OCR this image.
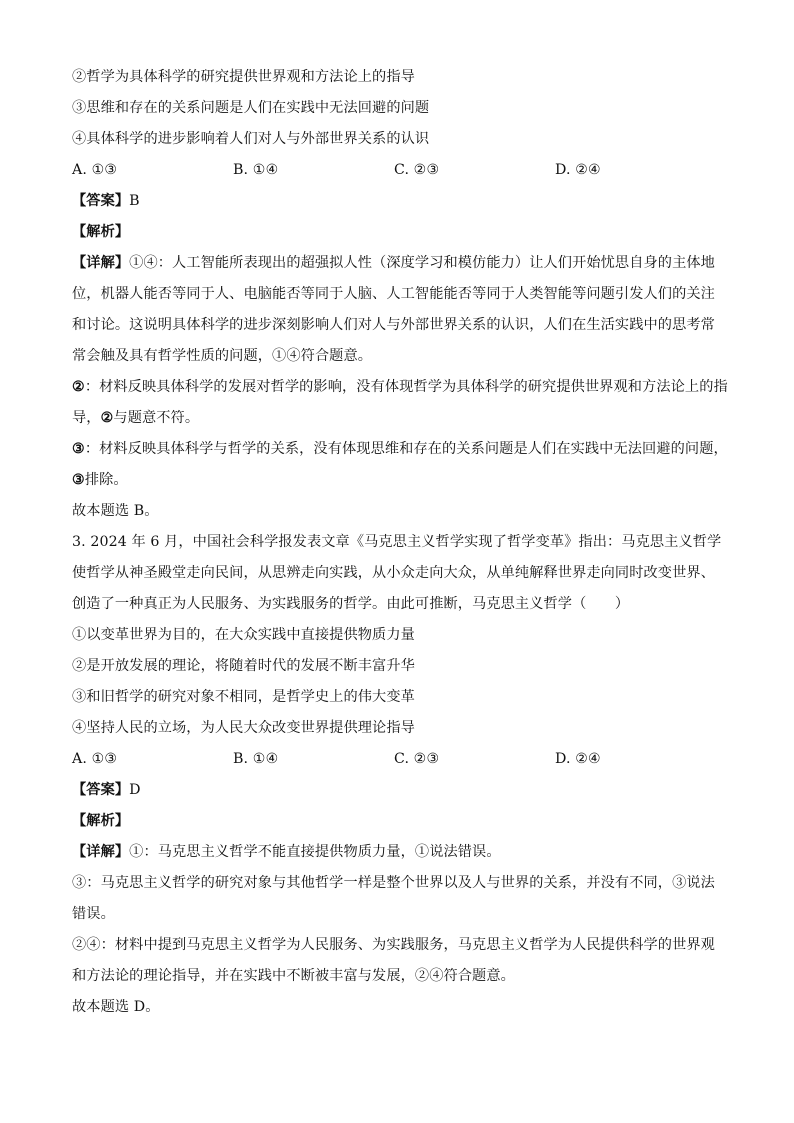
②哲学为具体科学的研究提供世界观和方法论上的指导
③思维和存在的关系问题是人们在实践中无法回避的问题
④具体科学的进步影响着人们对人与外部世界关系的认识
A. ①③	B. ①④	C. ②③	D. ②④
【答案】B
【解析】
【详解】①④：人工智能所表现出的超强拟人性（深度学习和模仿能力）让人们开始忧思自身的主体地位，机器人能否等同于人、电脑能否等同于人脑、人工智能能否等同于人类智能等问题引发人们的关注和讨论。这说明具体科学的进步深刻影响人们对人与外部世界关系的认识，人们在生活实践中的思考常常会触及具有哲学性质的问题，①④符合题意。
②：材料反映具体科学的发展对哲学的影响，没有体现哲学为具体科学的研究提供世界观和方法论上的指导，②与题意不符。
③：材料反映具体科学与哲学的关系，没有体现思维和存在的关系问题是人们在实践中无法回避的问题，③排除。
故本题选 B。
3. 2024 年 6 月，中国社会科学报发表文章《马克思主义哲学实现了哲学变革》指出：马克思主义哲学使哲学从神圣殿堂走向民间，从思辨走向实践，从小众走向大众，从单纯解释世界走向同时改变世界、创造了一种真正为人民服务、为实践服务的哲学。由此可推断，马克思主义哲学（　　）
①以变革世界为目的，在大众实践中直接提供物质力量
②是开放发展的理论，将随着时代的发展不断丰富升华
③和旧哲学的研究对象不相同，是哲学史上的伟大变革
④坚持人民的立场，为人民大众改变世界提供理论指导
A. ①③	B. ①④	C. ②③	D. ②④
【答案】D
【解析】
【详解】①：马克思主义哲学不能直接提供物质力量，①说法错误。
③：马克思主义哲学的研究对象与其他哲学一样是整个世界以及人与世界的关系，并没有不同，③说法错误。
②④：材料中提到马克思主义哲学为人民服务、为实践服务，马克思主义哲学为人民提供科学的世界观和方法论的理论指导，并在实践中不断被丰富与发展，②④符合题意。
故本题选 D。
